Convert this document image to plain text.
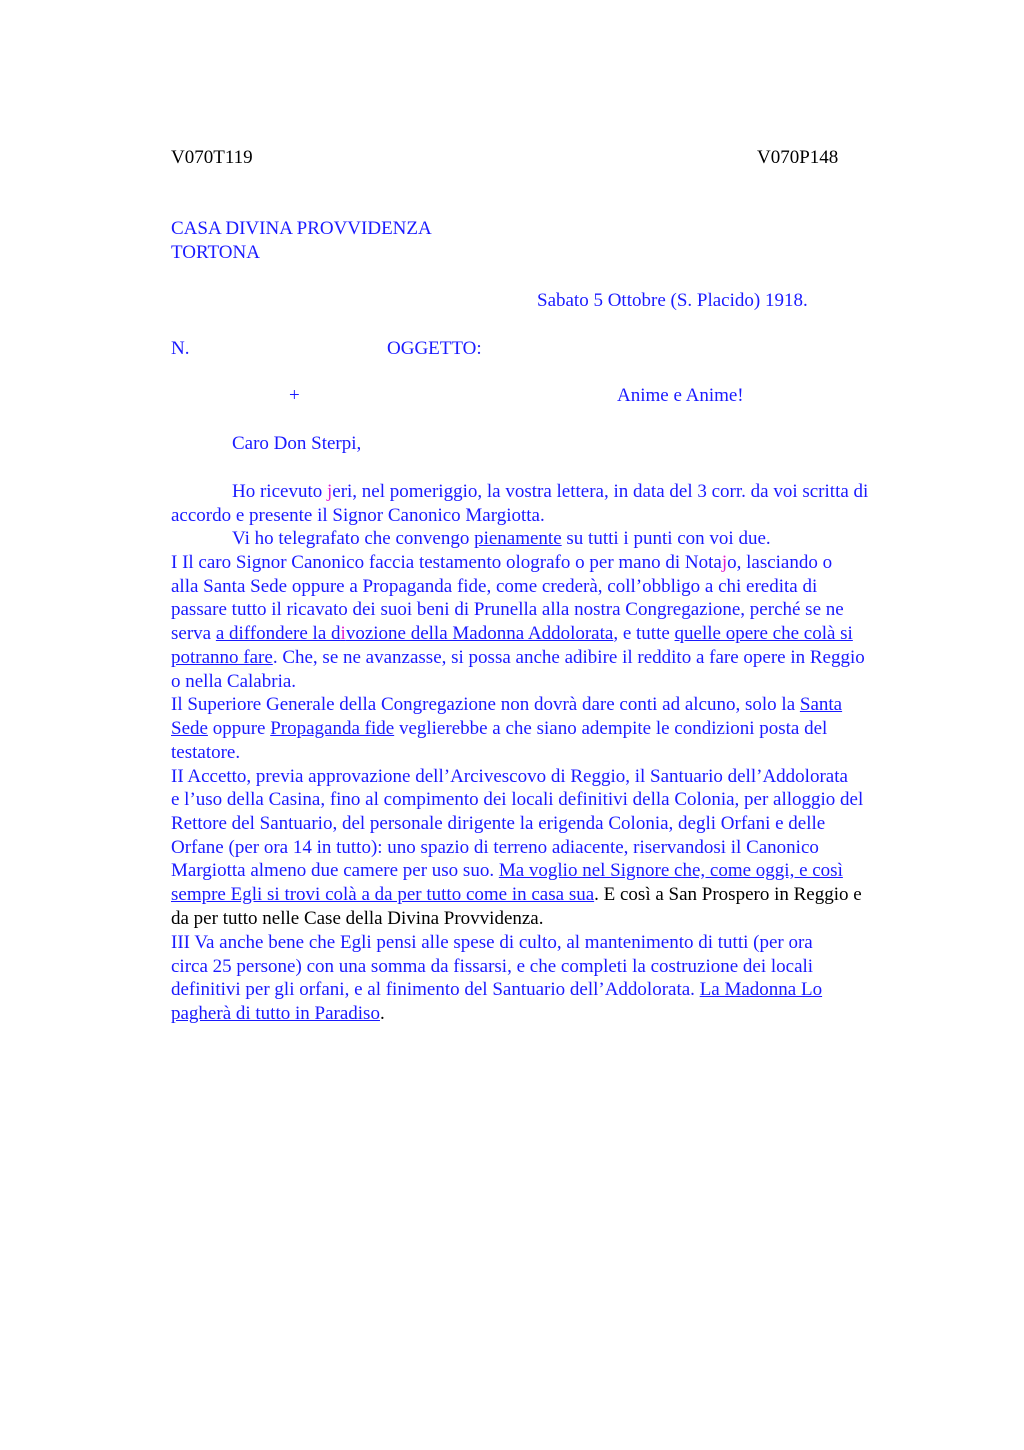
V070T119	V070P148
CASA DIVINA PROVVIDENZA
TORTONA
Sabato 5 Ottobre (S. Placido) 1918.
N.	OGGETTO:
+	Anime e Anime!
Caro Don Sterpi,
Ho ricevuto jeri, nel pomeriggio, la vostra lettera, in data del 3 corr. da voi scritta di
accordo e presente il Signor Canonico Margiotta.
Vi ho telegrafato che convengo pienamente su tutti i punti con voi due.
I Il caro Signor Canonico faccia testamento olografo o per mano di Notajo, lasciando o
alla Santa Sede oppure a Propaganda fide, come crederà, coll’obbligo a chi eredita di
passare tutto il ricavato dei suoi beni di Prunella alla nostra Congregazione, perché se ne
serva a diffondere la divozione della Madonna Addolorata, e tutte quelle opere che colà si
potranno fare. Che, se ne avanzasse, si possa anche adibire il reddito a fare opere in Reggio
o nella Calabria.
Il Superiore Generale della Congregazione non dovrà dare conti ad alcuno, solo la Santa
Sede oppure Propaganda fide veglierebbe a che siano adempite le condizioni posta del
testatore.
II Accetto, previa approvazione dell’Arcivescovo di Reggio, il Santuario dell’Addolorata
e l’uso della Casina, fino al compimento dei locali definitivi della Colonia, per alloggio del
Rettore del Santuario, del personale dirigente la erigenda Colonia, degli Orfani e delle
Orfane (per ora 14 in tutto): uno spazio di terreno adiacente, riservandosi il Canonico
Margiotta almeno due camere per uso suo. Ma voglio nel Signore che, come oggi, e così
sempre Egli si trovi colà a da per tutto come in casa sua. E così a San Prospero in Reggio e
da per tutto nelle Case della Divina Provvidenza.
III Va anche bene che Egli pensi alle spese di culto, al mantenimento di tutti (per ora
circa 25 persone) con una somma da fissarsi, e che completi la costruzione dei locali
definitivi per gli orfani, e al finimento del Santuario dell’Addolorata. La Madonna Lo
pagherà di tutto in Paradiso.
